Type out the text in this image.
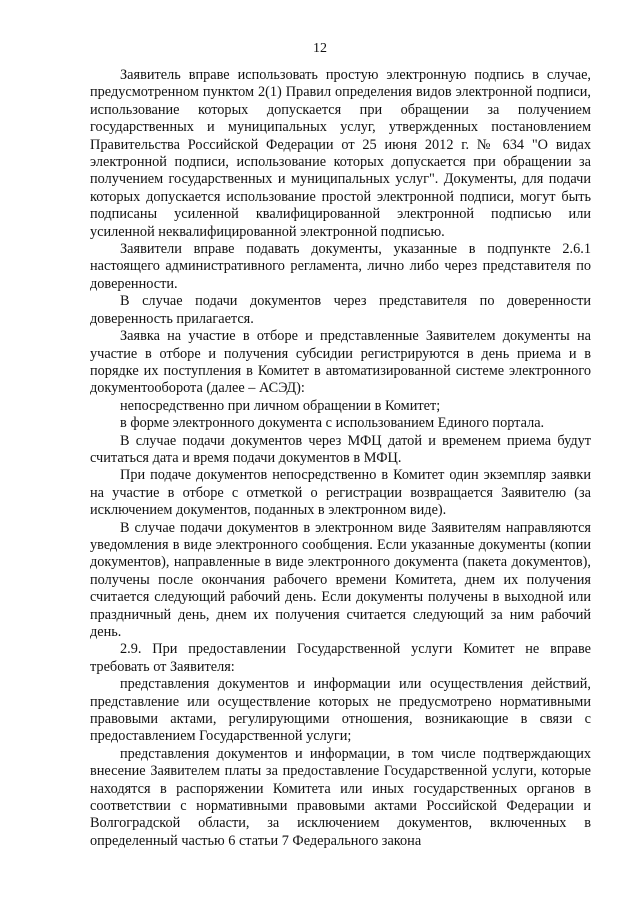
12

Заявитель вправе использовать простую электронную подпись в случае, предусмотренном пунктом 2(1) Правил определения видов электронной подписи, использование которых допускается при обращении за получением государственных и муниципальных услуг, утвержденных постановлением Правительства Российской Федерации от 25 июня 2012 г. № 634 "О видах электронной подписи, использование которых допускается при обращении за получением государственных и муниципальных услуг". Документы, для подачи которых допускается использование простой электронной подписи, могут быть подписаны усиленной квалифицированной электронной подписью или усиленной неквалифицированной электронной подписью.

Заявители вправе подавать документы, указанные в подпункте 2.6.1 настоящего административного регламента, лично либо через представителя по доверенности.

В случае подачи документов через представителя по доверенности доверенность прилагается.

Заявка на участие в отборе и представленные Заявителем документы на участие в отборе и получения субсидии регистрируются в день приема и в порядке их поступления в Комитет в автоматизированной системе электронного документооборота (далее – АСЭД):

непосредственно при личном обращении в Комитет;

в форме электронного документа с использованием Единого портала.

В случае подачи документов через МФЦ датой и временем приема будут считаться дата и время подачи документов в МФЦ.

При подаче документов непосредственно в Комитет один экземпляр заявки на участие в отборе с отметкой о регистрации возвращается Заявителю (за исключением документов, поданных в электронном виде).

В случае подачи документов в электронном виде Заявителям направляются уведомления в виде электронного сообщения. Если указанные документы (копии документов), направленные в виде электронного документа (пакета документов), получены после окончания рабочего времени Комитета, днем их получения считается следующий рабочий день. Если документы получены в выходной или праздничный день, днем их получения считается следующий за ним рабочий день.

2.9. При предоставлении Государственной услуги Комитет не вправе требовать от Заявителя:

представления документов и информации или осуществления действий, представление или осуществление которых не предусмотрено нормативными правовыми актами, регулирующими отношения, возникающие в связи с предоставлением Государственной услуги;

представления документов и информации, в том числе подтверждающих внесение Заявителем платы за предоставление Государственной услуги, которые находятся в распоряжении Комитета или иных государственных органов в соответствии с нормативными правовыми актами Российской Федерации и Волгоградской области, за исключением документов, включенных в определенный частью 6 статьи 7 Федерального закона
